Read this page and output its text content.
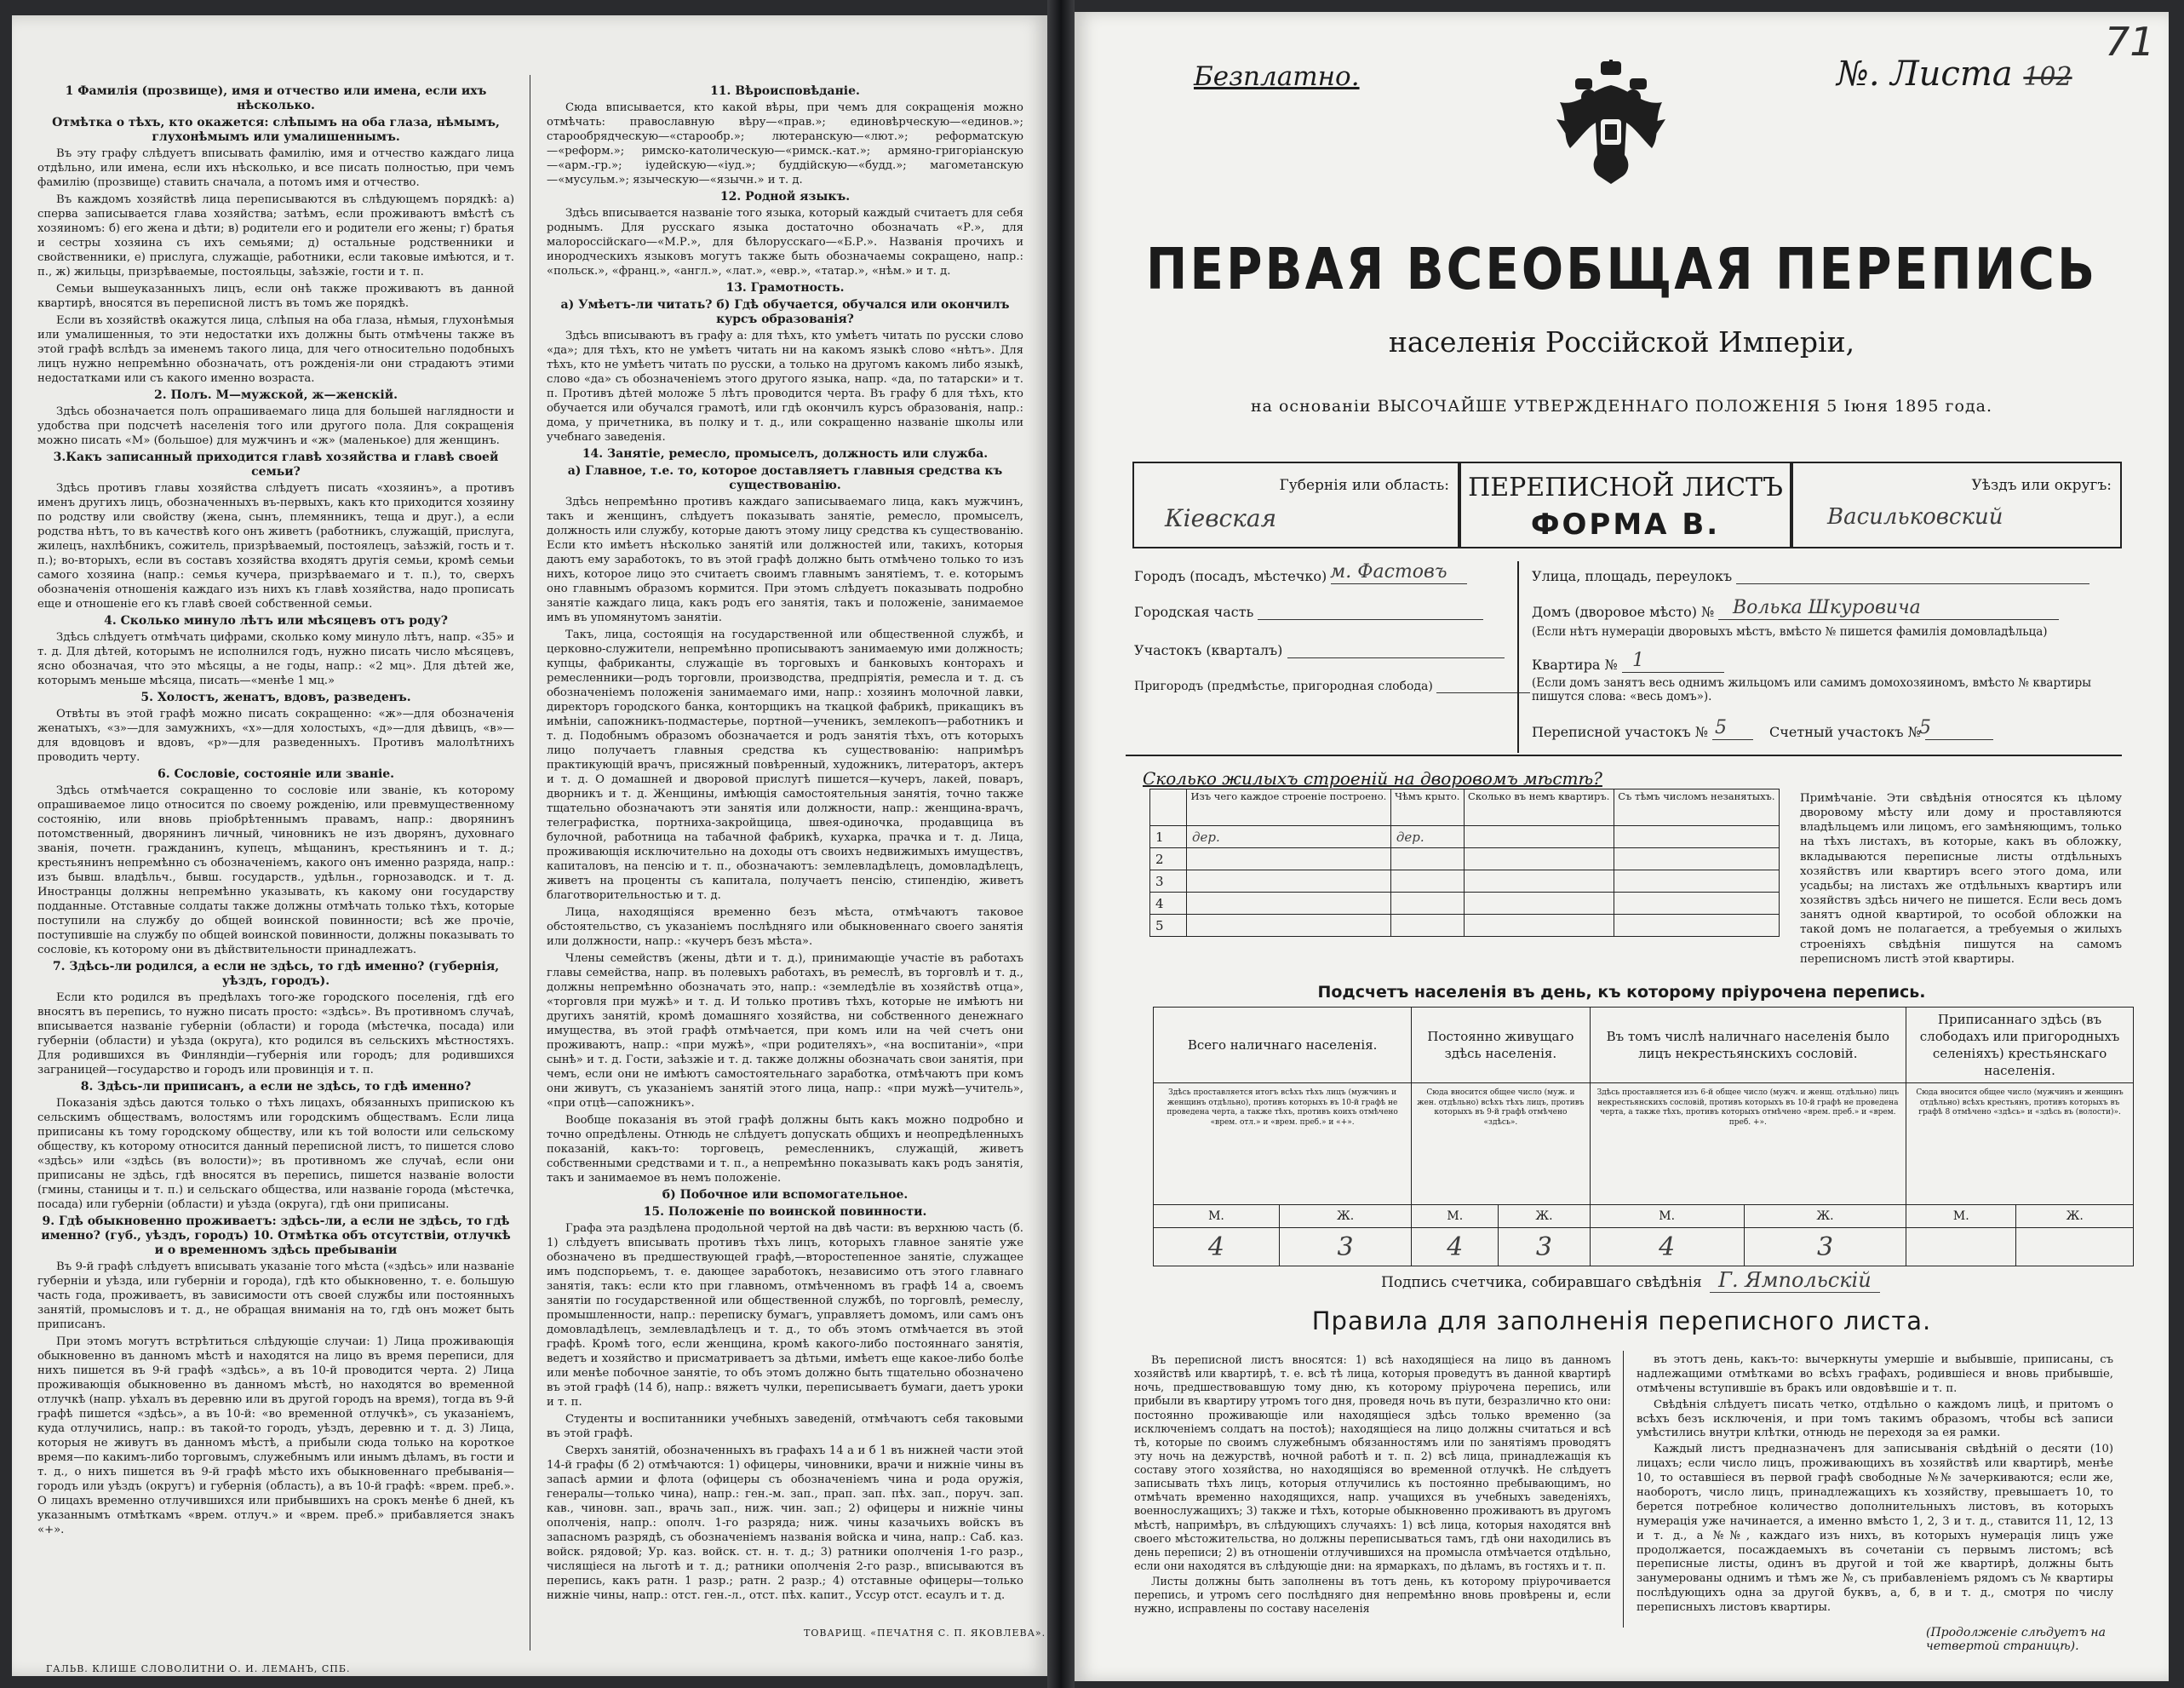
1 Фамилія (прозвище), имя и отчество или имена, если ихъ нѣсколько.
Отмѣтка о тѣхъ, кто окажется: слѣпымъ на оба глаза, нѣмымъ, глухонѣмымъ или умалишеннымъ.

Въ эту графу слѣдуетъ вписывать фамилію, имя и отчество каждаго лица отдѣльно, или имена, если ихъ нѣсколько, и все писать полностью, при чемъ фамилію (прозвище) ставить сначала, а потомъ имя и отчество.

Въ каждомъ хозяйствѣ лица переписываются въ слѣдующемъ порядкѣ: а) сперва записывается глава хозяйства; затѣмъ, если проживаютъ вмѣстѣ съ хозяиномъ: б) его жена и дѣти; в) родители его и родители его жены; г) братья и сестры хозяина съ ихъ семьями; д) остальные родственники и свойственники, е) прислуга, служащіе, работники, если таковые имѣются, и т. п., ж) жильцы, призрѣваемые, постояльцы, заѣзжіе, гости и т. п.

Семьи вышеуказанныхъ лицъ, если онѣ также проживаютъ въ данной квартирѣ, вносятся въ переписной листъ въ томъ же порядкѣ.

Если въ хозяйствѣ окажутся лица, слѣпыя на оба глаза, нѣмыя, глухонѣмыя или умалишенныя, то эти недостатки ихъ должны быть отмѣчены также въ этой графѣ вслѣдъ за именемъ такого лица, для чего относительно подобныхъ лицъ нужно непремѣнно обозначать, отъ рожденія-ли они страдаютъ этими недостатками или съ какого именно возраста.

2. Полъ. М—мужской, ж—женскій.

Здѣсь обозначается полъ опрашиваемаго лица для большей наглядности и удобства при подсчетѣ населенія того или другого пола. Для сокращенія можно писать «М» (большое) для мужчинъ и «ж» (маленькое) для женщинъ.

3.Какъ записанный приходится главѣ хозяйства и главѣ своей семьи?

Здѣсь противъ главы хозяйства слѣдуетъ писать «хозяинъ», а противъ именъ другихъ лицъ, обозначенныхъ въ-первыхъ, какъ кто приходится хозяину по родству или свойству (жена, сынъ, племянникъ, теща и друг.), а если родства нѣтъ, то въ качествѣ кого онъ живетъ (работникъ, служащій, прислуга, жилецъ, нахлѣбникъ, сожитель, призрѣваемый, постоялецъ, заѣзжій, гость и т. п.); во-вторыхъ, если въ составъ хозяйства входятъ другія семьи, кромѣ семьи самого хозяина (напр.: семья кучера, призрѣваемаго и т. п.), то, сверхъ обозначенія отношенія каждаго изъ нихъ къ главѣ хозяйства, надо прописать еще и отношеніе его къ главѣ своей собственной семьи.

4. Сколько минуло лѣтъ или мѣсяцевъ отъ роду?

Здѣсь слѣдуетъ отмѣчать цифрами, сколько кому минуло лѣтъ, напр. «35» и т. д. Для дѣтей, которымъ не исполнился годъ, нужно писать число мѣсяцевъ, ясно обозначая, что это мѣсяцы, а не годы, напр.: «2 мц». Для дѣтей же, которымъ меньше мѣсяца, писать—«менѣе 1 мц.»

5. Холостъ, женатъ, вдовъ, разведенъ.

Отвѣты въ этой графѣ можно писать сокращенно: «ж»—для обозначенія женатыхъ, «з»—для замужнихъ, «х»—для холостыхъ, «д»—для дѣвицъ, «в»—для вдовцовъ и вдовъ, «р»—для разведенныхъ. Противъ малолѣтнихъ проводить черту.

6. Сословіе, состояніе или званіе.

Здѣсь отмѣчается сокращенно то сословіе или званіе, къ которому опрашиваемое лицо относится по своему рожденію, или превмущественному состоянію, или вновь пріобрѣтеннымъ правамъ, напр.: дворянинъ потомственный, дворянинъ личный, чиновникъ не изъ дворянъ, духовнаго званія, почетн. гражданинъ, купецъ, мѣщанинъ, крестьянинъ и т. д.; крестьянинъ непремѣнно съ обозначеніемъ, какого онъ именно разряда, напр.: изъ бывш. владѣльч., бывш. государств., удѣльн., горнозаводск. и т. д. Иностранцы должны непремѣнно указывать, къ какому они государству подданные. Отставные солдаты также должны отмѣчать только тѣхъ, которые поступили на службу до общей воинской повинности; всѣ же прочіе, поступившіе на службу по общей воинской повинности, должны показывать то сословіе, къ которому они въ дѣйствительности принадлежатъ.

7. Здѣсь-ли родился, а если не здѣсь, то гдѣ именно? (губернія, уѣздъ, городъ).

Если кто родился въ предѣлахъ того-же городского поселенія, гдѣ его вносятъ въ перепись, то нужно писать просто: «здѣсь». Въ противномъ случаѣ, вписывается названіе губерніи (области) и города (мѣстечка, посада) или губерніи (области) и уѣзда (округа), кто родился въ сельскихъ мѣстностяхъ. Для родившихся въ Финляндіи—губернія или городъ; для родившихся заграницей—государство и городъ или провинція и т. п.

8. Здѣсь-ли приписанъ, а если не здѣсь, то гдѣ именно?

Показанія здѣсь даются только о тѣхъ лицахъ, обязанныхъ припискою къ сельскимъ обществамъ, волостямъ или городскимъ обществамъ. Если лица приписаны къ тому городскому обществу, или къ той волости или сельскому обществу, къ которому относится данный переписной листъ, то пишется слово «здѣсь» или «здѣсь (въ волости)»; въ противномъ же случаѣ, если они приписаны не здѣсь, гдѣ вносятся въ перепись, пишется названіе волости (гмины, станицы и т. п.) и сельскаго общества, или названіе города (мѣстечка, посада) или губерніи (области) и уѣзда (округа), гдѣ они приписаны.

9. Гдѣ обыкновенно проживаетъ: здѣсь-ли, а если не здѣсь, то гдѣ именно? (губ., уѣздъ, городъ) 10. Отмѣтка объ отсутствіи, отлучкѣ и о временномъ здѣсь пребываніи

Въ 9-й графѣ слѣдуетъ вписывать указаніе того мѣста («здѣсь» или названіе губерніи и уѣзда, или губерніи и города), гдѣ кто обыкновенно, т. е. большую часть года, проживаетъ, въ зависимости отъ своей службы или постоянныхъ занятій, промысловъ и т. д., не обращая вниманія на то, гдѣ онъ может быть приписанъ.

При этомъ могутъ встрѣтиться слѣдующіе случаи: 1) Лица проживающія обыкновенно въ данномъ мѣстѣ и находятся на лицо въ время переписи, для нихъ пишется въ 9-й графѣ «здѣсь», а въ 10-й проводится черта. 2) Лица проживающія обыкновенно въ данномъ мѣстѣ, но находятся во временной отлучкѣ (напр. уѣхалъ въ деревню или въ другой городъ на время), тогда въ 9-й графѣ пишется «здѣсь», а въ 10-й: «во временной отлучкѣ», съ указаніемъ, куда отлучились, напр.: въ такой-то городъ, уѣздъ, деревню и т. д. 3) Лица, которыя не живутъ въ данномъ мѣстѣ, а прибыли сюда только на короткое время—по какимъ-либо торговымъ, служебнымъ или инымъ дѣламъ, въ гости и т. д., о нихъ пишется въ 9-й графѣ мѣсто ихъ обыкновеннаго пребыванія—городъ или уѣздъ (округъ) и губернія (область), а въ 10-й графѣ: «врем. преб.». О лицахъ временно отлучившихся или прибывшихъ на срокъ менѣе 6 дней, къ указаннымъ отмѣткамъ «врем. отлуч.» и «врем. преб.» прибавляется знакъ «+».

11. Вѣроисповѣданіе.

Сюда вписывается, кто какой вѣры, при чемъ для сокращенія можно отмѣчать: православную вѣру—«прав.»; единовѣрческую—«единов.»; старообрядческую—«старообр.»; лютеранскую—«лют.»; реформатскую—«реформ.»; римско-католическую—«римск.-кат.»; армяно-григоріанскую—«арм.-гр.»; іудейскую—«іуд.»; буддійскую—«будд.»; магометанскую—«мусульм.»; языческую—«язычн.» и т. д.

12. Родной языкъ.

Здѣсь вписывается названіе того языка, который каждый считаетъ для себя роднымъ. Для русскаго языка достаточно обозначать «Р.», для малороссійскаго—«М.Р.», для бѣлорусскаго—«Б.Р.». Названія прочихъ и инородческихъ языковъ могутъ также быть обозначаемы сокращено, напр.: «польск.», «франц.», «англ.», «лат.», «евр.», «татар.», «нѣм.» и т. д.

13. Грамотность.
а) Умѣетъ-ли читать? б) Гдѣ обучается, обучался или окончилъ курсъ образованія?

Здѣсь вписываютъ въ графу а: для тѣхъ, кто умѣетъ читать по русски слово «да»; для тѣхъ, кто не умѣетъ читать ни на какомъ языкѣ слово «нѣтъ». Для тѣхъ, кто не умѣетъ читать по русски, а только на другомъ какомъ либо языкѣ, слово «да» съ обозначеніемъ этого другого языка, напр. «да, по татарски» и т. п. Противъ дѣтей моложе 5 лѣтъ проводится черта. Въ графу б для тѣхъ, кто обучается или обучался грамотѣ, или гдѣ окончилъ курсъ образованія, напр.: дома, у причетника, въ полку и т. д., или сокращенно названіе школы или учебнаго заведенія.

14. Занятіе, ремесло, промыселъ, должность или служба.
а) Главное, т.е. то, которое доставляетъ главныя средства къ существованію.

Здѣсь непремѣнно противъ каждаго записываемаго лица, какъ мужчинъ, такъ и женщинъ, слѣдуетъ показывать занятіе, ремесло, промыселъ, должность или службу, которые даютъ этому лицу средства къ существованію. Если кто имѣетъ нѣсколько занятій или должностей или, такихъ, которыя даютъ ему заработокъ, то въ этой графѣ должно быть отмѣчено только то изъ нихъ, которое лицо это считаетъ своимъ главнымъ занятіемъ, т. е. которымъ оно главнымъ образомъ кормится. При этомъ слѣдуетъ показывать подробно занятіе каждаго лица, какъ родъ его занятія, такъ и положеніе, занимаемое имъ въ упомянутомъ занятіи.

Такъ, лица, состоящія на государственной или общественной службѣ, и церковно-служители, непремѣнно прописываютъ занимаемую ими должность; купцы, фабриканты, служащіе въ торговыхъ и банковыхъ конторахъ и ремесленники—родъ торговли, производства, предпріятія, ремесла и т. д. съ обозначеніемъ положенія занимаемаго ими, напр.: хозяинъ молочной лавки, директоръ городского банка, конторщикъ на ткацкой фабрикѣ, прикащикъ въ имѣніи, сапожникъ-подмастерье, портной—ученикъ, землекопъ—работникъ и т. д. Подобнымъ образомъ обозначается и родъ занятія тѣхъ, отъ которыхъ лицо получаетъ главныя средства къ существованію: напримѣръ практикующій врачъ, присяжный повѣренный, художникъ, литераторъ, актеръ и т. д. О домашней и дворовой прислугѣ пишется—кучеръ, лакей, поваръ, дворникъ и т. д. Женщины, имѣющія самостоятельныя занятія, точно также тщательно обозначаютъ эти занятія или должности, напр.: женщина-врачъ, телеграфистка, портниха-закройщица, швея-одиночка, продавщица въ булочной, работница на табачной фабрикѣ, кухарка, прачка и т. д. Лица, проживающія исключительно на доходы отъ своихъ недвижимыхъ имуществъ, капиталовъ, на пенсію и т. п., обозначаютъ: землевладѣлецъ, домовладѣлецъ, живетъ на проценты съ капитала, получаетъ пенсію, стипендію, живетъ благотворительностью и т. д.

Лица, находящіяся временно безъ мѣста, отмѣчаютъ таковое обстоятельство, съ указаніемъ послѣдняго или обыкновеннаго своего занятія или должности, напр.: «кучеръ безъ мѣста».

Члены семействъ (жены, дѣти и т. д.), принимающіе участіе въ работахъ главы семейства, напр. въ полевыхъ работахъ, въ ремеслѣ, въ торговлѣ и т. д., должны непремѣнно обозначать это, напр.: «земледѣліе въ хозяйствѣ отца», «торговля при мужѣ» и т. д. И только противъ тѣхъ, которые не имѣютъ ни другихъ занятій, кромѣ домашняго хозяйства, ни собственного денежнаго имущества, въ этой графѣ отмѣчается, при комъ или на чей счетъ они проживаютъ, напр.: «при мужѣ», «при родителяхъ», «на воспитаніи», «при сынѣ» и т. д. Гости, заѣзжіе и т. д. также должны обозначать свои занятія, при чемъ, если они не имѣютъ самостоятельнаго заработка, отмѣчаютъ при комъ они живутъ, съ указаніемъ занятій этого лица, напр.: «при мужѣ—учитель», «при отцѣ—сапожникъ».

Вообще показанія въ этой графѣ должны быть какъ можно подробно и точно опредѣлены. Отнюдь не слѣдуетъ допускать общихъ и неопредѣленныхъ показаній, какъ-то: торговецъ, ремесленникъ, служащій, живетъ собственными средствами и т. п., а непремѣнно показывать какъ родъ занятія, такъ и занимаемое въ немъ положеніе.

б) Побочное или вспомогательное.
15. Положеніе по воинской повинности.

Графа эта раздѣлена продольной чертой на двѣ части: въ верхнюю часть (б. 1) слѣдуетъ вписывать противъ тѣхъ лицъ, которыхъ главное занятіе уже обозначено въ предшествующей графѣ,—второстепенное занятіе, служащее имъ подспорьемъ, т. е. дающее заработокъ, независимо отъ этого главнаго занятія, такъ: если кто при главномъ, отмѣченномъ въ графѣ 14 а, своемъ занятіи по государственной или общественной службѣ, по торговлѣ, ремеслу, промышленности, напр.: переписку бумагъ, управляетъ домомъ, или самъ онъ домовладѣлецъ, землевладѣлецъ и т. д., то объ этомъ отмѣчается въ этой графѣ. Кромѣ того, если женщина, кромѣ какого-либо постояннаго занятія, ведетъ и хозяйство и присматриваетъ за дѣтьми, имѣетъ еще какое-либо болѣе или менѣе побочное занятіе, то объ этомъ должно быть тщательно обозначено въ этой графѣ (14 б), напр.: вяжетъ чулки, переписываетъ бумаги, даетъ уроки и т. п.

Студенты и воспитанники учебныхъ заведеній, отмѣчаютъ себя таковыми въ этой графѣ.

Сверхъ занятій, обозначенныхъ въ графахъ 14 а и б 1 въ нижней части этой 14-й графы (б 2) отмѣчаются: 1) офицеры, чиновники, врачи и нижніе чины въ запасѣ армии и флота (офицеры съ обозначеніемъ чина и рода оружія, генералы—только чина), напр.: ген.-м. зап., прап. зап. пѣх. зап., поруч. зап. кав., чиновн. зап., врачь зап., ниж. чин. зап.; 2) офицеры и нижніе чины ополченія, напр.: ополч. 1-го разряда; ниж. чины казачьихъ войскъ въ запасномъ разрядѣ, съ обозначеніемъ названія войска и чина, напр.: Саб. каз. войск. рядовой; Ур. каз. войск. ст. н. т. д.; 3) ратники ополченія 1-го разр., числящіеся на льготѣ и т. д.; ратники ополченія 2-го разр., вписываются въ перепись, какъ ратн. 1 разр.; ратн. 2 разр.; 4) отставные офицеры—только нижніе чины, напр.: отст. ген.-л., отст. пѣх. капит., Уссур отст. есаулъ и т. д.

ГАЛЬВ. КЛИШЕ СЛОВОЛИТНИ О. И. ЛЕМАНЪ, СПБ.
ТОВАРИЩ. «ПЕЧАТНЯ С. П. ЯКОВЛЕВА».
Безплатно.	№. Листа 102
71
ПЕРВАЯ ВСЕОБЩАЯ ПЕРЕПИСЬ
населенія Россійской Имперіи,
на основаніи ВЫСОЧАЙШЕ УТВЕРЖДЕННАГО ПОЛОЖЕНІЯ 5 Іюня 1895 года.
Губернія или область:
Кіевская
ПЕРЕПИСНОЙ ЛИСТЪ
ФОРМА В.
Уѣздъ или округъ:
Васильковский
Городъ (посадъ, мѣстечко) м. Фастовъ
Городская часть
Участокъ (кварталъ)
Пригородъ (предмѣстье, пригородная слобода)
Улица, площадь, переулокъ
Домъ (дворовое мѣсто) № Волька Шкуровича
(Если нѣтъ нумераціи дворовыхъ мѣстъ, вмѣсто № пишется фамилія домовладѣльца)
Квартира № 1
(Если домъ занятъ весь однимъ жильцомъ или самимъ домохозяиномъ, вмѣсто № квартиры пишутся слова: «весь домъ»).
Переписной участокъ № 5	Счетный участокъ №
5
Сколько жилыхъ строеній на дворовомъ мѣстѣ?
	Изъ чего каждое строеніе построено.	Чѣмъ крыто.	Сколько въ немъ квартиръ.	Съ тѣмъ числомъ незанятыхъ.
1	дер.	дер.		
2				
3				
4				
5				
Примѣчаніе. Эти свѣдѣнія относятся къ цѣлому дворовому мѣсту или дому и проставляются владѣльцемъ или лицомъ, его замѣняющимъ, только на тѣхъ листахъ, въ которые, какъ въ обложку, вкладываются переписные листы отдѣльныхъ хозяйствъ или квартиръ всего этого дома, или усадьбы; на листахъ же отдѣльныхъ квартиръ или хозяйствъ здѣсь ничего не пишется. Если весь домъ занятъ одной квартирой, то особой обложки на такой домъ не полагается, а требуемыя о жилыхъ строеніяхъ свѣдѣнія пишутся на самомъ переписномъ листѣ этой квартиры.
Подсчетъ населенія въ день, къ которому пріурочена перепись.
Всего наличнаго населенія.		Постоянно живущаго здѣсь населенія.		Въ томъ числѣ наличнаго населенія было лицъ некрестьянскихъ сословій.		Приписаннаго здѣсь (въ слободахъ или пригородныхъ селеніяхъ) крестьянскаго населенія.	
Здѣсь проставляется итогъ всѣхъ тѣхъ лицъ (мужчинъ и женщинъ отдѣльно), противъ которыхъ въ 10-й графѣ не проведена черта, а также тѣхъ, противъ коихъ отмѣчено «врем. отл.» и «врем. преб.» и «+».		Сюда вносится общее число (муж. и жен. отдѣльно) всѣхъ тѣхъ лицъ, противъ которыхъ въ 9-й графѣ отмѣчено «здѣсь».		Здѣсь проставляется изъ 6-й общее число (мужч. и женщ. отдѣльно) лицъ некрестьянскихъ сословій, противъ которыхъ въ 10-й графѣ не проведена черта, а также тѣхъ, противъ которыхъ отмѣчено «врем. преб.» и «врем. преб. +».		Сюда вносится общее число (мужчинъ и женщинъ отдѣльно) всѣхъ крестьянъ, противъ которыхъ въ графѣ 8 отмѣчено «здѣсь» и «здѣсь въ (волости)».	
М.	Ж.	М.	Ж.	М.	Ж.	М.	Ж.
4	3	4	3	4	3		
Подпись счетчика, собиравшаго свѣдѣнія Г. Ямпольскій
Правила для заполненія переписного листа.

Въ переписной листъ вносятся: 1) всѣ находящіеся на лицо въ данномъ хозяйствѣ или квартирѣ, т. е. всѣ тѣ лица, которыя проведутъ въ данной квартирѣ ночь, предшествовавшую тому дню, къ которому пріурочена перепись, или прибыли въ квартиру утромъ того дня, проведя ночь въ пути, безразлично кто они: постоянно проживающіе или находящіеся здѣсь только временно (за исключеніемъ солдатъ на постоѣ); находящіеся на лицо должны считаться и всѣ тѣ, которые по своимъ служебнымъ обязанностямъ или по занятіямъ проводятъ эту ночь на дежурствѣ, ночной работѣ и т. п. 2) всѣ лица, принадлежащія къ составу этого хозяйства, но находящіяся во временной отлучкѣ. Не слѣдуетъ записывать тѣхъ лицъ, которыя отлучились къ постоянно пребывающимъ, но отмѣчать временно находящихся, напр. учащихся въ учебныхъ заведеніяхъ, военнослужащихъ; 3) также и тѣхъ, которые обыкновенно проживаютъ въ другомъ мѣстѣ, напримѣръ, въ слѣдующихъ случаяхъ: 1) всѣ лица, которыя находятся внѣ своего мѣстожительства, но должны переписываться тамъ, гдѣ они находились въ день переписи; 2) въ отношеніи отлучившихся на промысла отмѣчается отдѣльно, если они находятся въ слѣдующіе дни: на ярмаркахъ, по дѣламъ, въ гостяхъ и т. п.

Листы должны быть заполнены въ тотъ день, къ которому пріурочивается перепись, и утромъ сего послѣдняго дня непремѣнно вновь провѣрены и, если нужно, исправлены по составу населенія

въ этотъ день, какъ-то: вычеркнуты умершіе и выбывшіе, приписаны, съ надлежащими отмѣтками во всѣхъ графахъ, родившіеся и вновь прибывшіе, отмѣчены вступившіе въ бракъ или овдовѣвшіе и т. п.

Свѣдѣнія слѣдуетъ писать четко, отдѣльно о каждомъ лицѣ, и притомъ о всѣхъ безъ исключенія, и при томъ такимъ образомъ, чтобы всѣ записи умѣстились внутри клѣтки, отнюдь не переходя за ея рамки.

Каждый листъ предназначенъ для записыванія свѣдѣній о десяти (10) лицахъ; если число лицъ, проживающихъ въ хозяйствѣ или квартирѣ, менѣе 10, то оставшіеся въ первой графѣ свободные №№ зачеркиваются; если же, наоборотъ, число лицъ, принадлежащихъ къ хозяйству, превышаетъ 10, то берется потребное количество дополнительныхъ листовъ, въ которыхъ нумерація уже начинается, а именно вмѣсто 1, 2, 3 и т. д., ставится 11, 12, 13 и т. д., а №№, каждаго изъ нихъ, въ которыхъ нумерація лицъ уже продолжается, посаждаемыхъ въ сочетаніи съ первымъ листомъ; всѣ переписные листы, одинъ въ другой и той же квартирѣ, должны быть занумерованы однимъ и тѣмъ же №, съ прибавленіемъ рядомъ съ № квартиры послѣдующихъ одна за другой буквъ, а, б, в и т. д., смотря по числу переписныхъ листовъ квартиры.

(Продолженіе слѣдуетъ на четвертой страницѣ).
